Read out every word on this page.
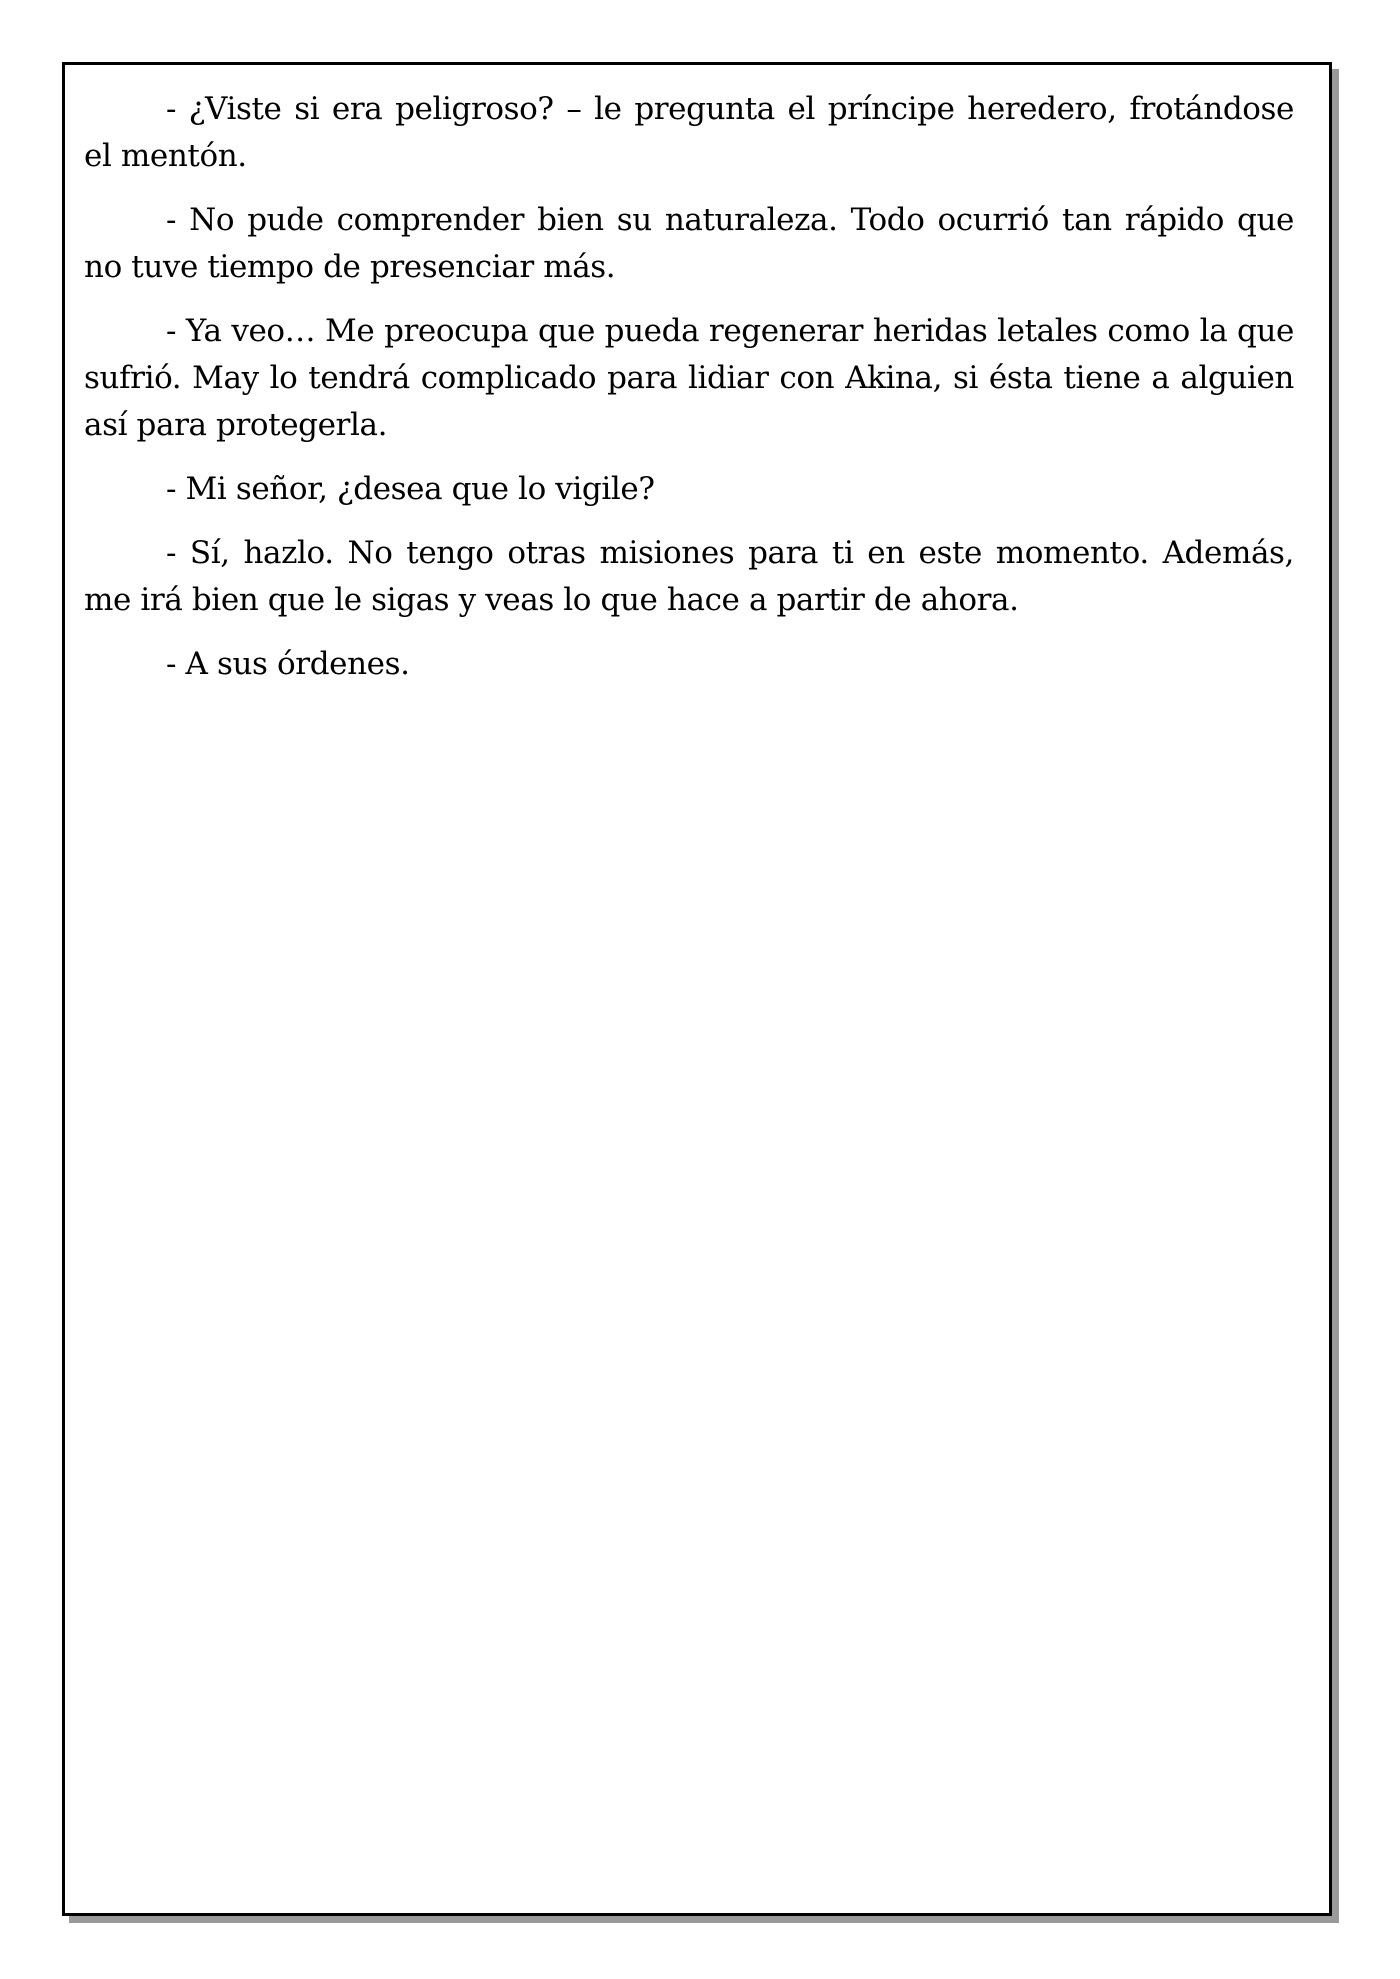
- ¿Viste si era peligroso? – le pregunta el príncipe heredero, frotándose el mentón.

- No pude comprender bien su naturaleza. Todo ocurrió tan rápido que no tuve tiempo de presenciar más.

- Ya veo… Me preocupa que pueda regenerar heridas letales como la que sufrió. May lo tendrá complicado para lidiar con Akina, si ésta tiene a alguien así para protegerla.

- Mi señor, ¿desea que lo vigile?

- Sí, hazlo. No tengo otras misiones para ti en este momento. Además, me irá bien que le sigas y veas lo que hace a partir de ahora.

- A sus órdenes.
